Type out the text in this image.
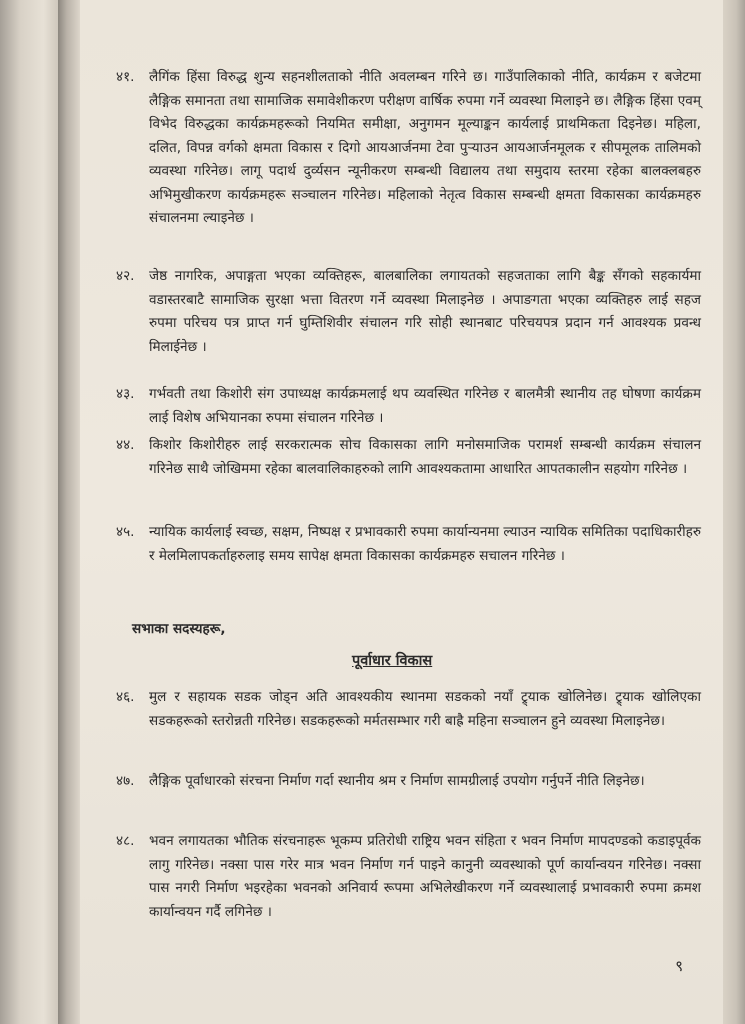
४१.	लैगिंक हिंसा विरुद्ध शुन्य सहनशीलताको नीति अवलम्बन गरिने छ। गाउँपालिकाको नीति, कार्यक्रम र बजेटमा लैङ्गिक समानता तथा सामाजिक समावेशीकरण परीक्षण वार्षिक रुपमा गर्ने व्यवस्था मिलाइने छ। लैङ्गिक हिंसा एवम् विभेद विरुद्धका कार्यक्रमहरूको नियमित समीक्षा, अनुगमन मूल्याङ्कन कार्यलाई प्राथमिकता दिइनेछ। महिला, दलित, विपन्न वर्गको क्षमता विकास र दिगो आयआर्जनमा टेवा पुऱ्याउन आयआर्जनमूलक र सीपमूलक तालिमको व्यवस्था गरिनेछ। लागू पदार्थ दुर्व्यसन न्यूनीकरण सम्बन्धी विद्यालय तथा समुदाय स्तरमा रहेका बालक्लबहरु अभिमुखीकरण कार्यक्रमहरू सञ्चालन गरिनेछ। महिलाको नेतृत्व विकास सम्बन्धी क्षमता विकासका कार्यक्रमहरु संचालनमा ल्याइनेछ ।
४२.	जेष्ठ नागरिक, अपाङ्गता भएका व्यक्तिहरू, बालबालिका लगायतको सहजताका लागि बैङ्क सँगको सहकार्यमा वडास्तरबाटै सामाजिक सुरक्षा भत्ता वितरण गर्ने व्यवस्था मिलाइनेछ । अपाङगता भएका व्यक्तिहरु लाई सहज रुपमा परिचय पत्र प्राप्त गर्न घुम्तिशिवीर संचालन गरि सोही स्थानबाट परिचयपत्र प्रदान गर्न आवश्यक प्रवन्ध मिलाईनेछ ।
४३.	गर्भवती तथा किशोरी संग उपाध्यक्ष कार्यक्रमलाई थप व्यवस्थित गरिनेछ र बालमैत्री स्थानीय तह घोषणा कार्यक्रम लाई विशेष अभियानका रुपमा संचालन गरिनेछ ।
४४.	किशोर किशोरीहरु लाई सरकरात्मक सोच विकासका लागि मनोसमाजिक परामर्श सम्बन्धी कार्यक्रम संचालन गरिनेछ साथै जोखिममा रहेका बालवालिकाहरुको लागि आवश्यकतामा आधारित आपतकालीन सहयोग गरिनेछ ।
४५.	न्यायिक कार्यलाई स्वच्छ, सक्षम, निष्पक्ष र प्रभावकारी रुपमा कार्यान्यनमा ल्याउन न्यायिक समितिका पदाधिकारीहरु र मेलमिलापकर्ताहरुलाइ समय सापेक्ष क्षमता विकासका कार्यक्रमहरु सचालन गरिनेछ ।
सभाका सदस्यहरू,
पूर्वाधार विकास
४६.	मुल र सहायक सडक जोड्न अति आवश्यकीय स्थानमा सडकको नयाँ ट्र्याक खोलिनेछ। ट्र्याक खोलिएका सडकहरूको स्तरोन्नती गरिनेछ। सडकहरूको मर्मतसम्भार गरी बाह्रै महिना सञ्चालन हुने व्यवस्था मिलाइनेछ।
४७.	लैङ्गिक पूर्वाधारको संरचना निर्माण गर्दा स्थानीय श्रम र निर्माण सामग्रीलाई उपयोग गर्नुपर्ने नीति लिइनेछ।
४८.	भवन लगायतका भौतिक संरचनाहरू भूकम्प प्रतिरोधी राष्ट्रिय भवन संहिता र भवन निर्माण मापदण्डको कडाइपूर्वक लागु गरिनेछ। नक्सा पास गरेर मात्र भवन निर्माण गर्न पाइने कानुनी व्यवस्थाको पूर्ण कार्यान्वयन गरिनेछ। नक्सा पास नगरी निर्माण भइरहेका भवनको अनिवार्य रूपमा अभिलेखीकरण गर्ने व्यवस्थालाई प्रभावकारी रुपमा क्रमश कार्यान्वयन गर्दै लगिनेछ ।
९
